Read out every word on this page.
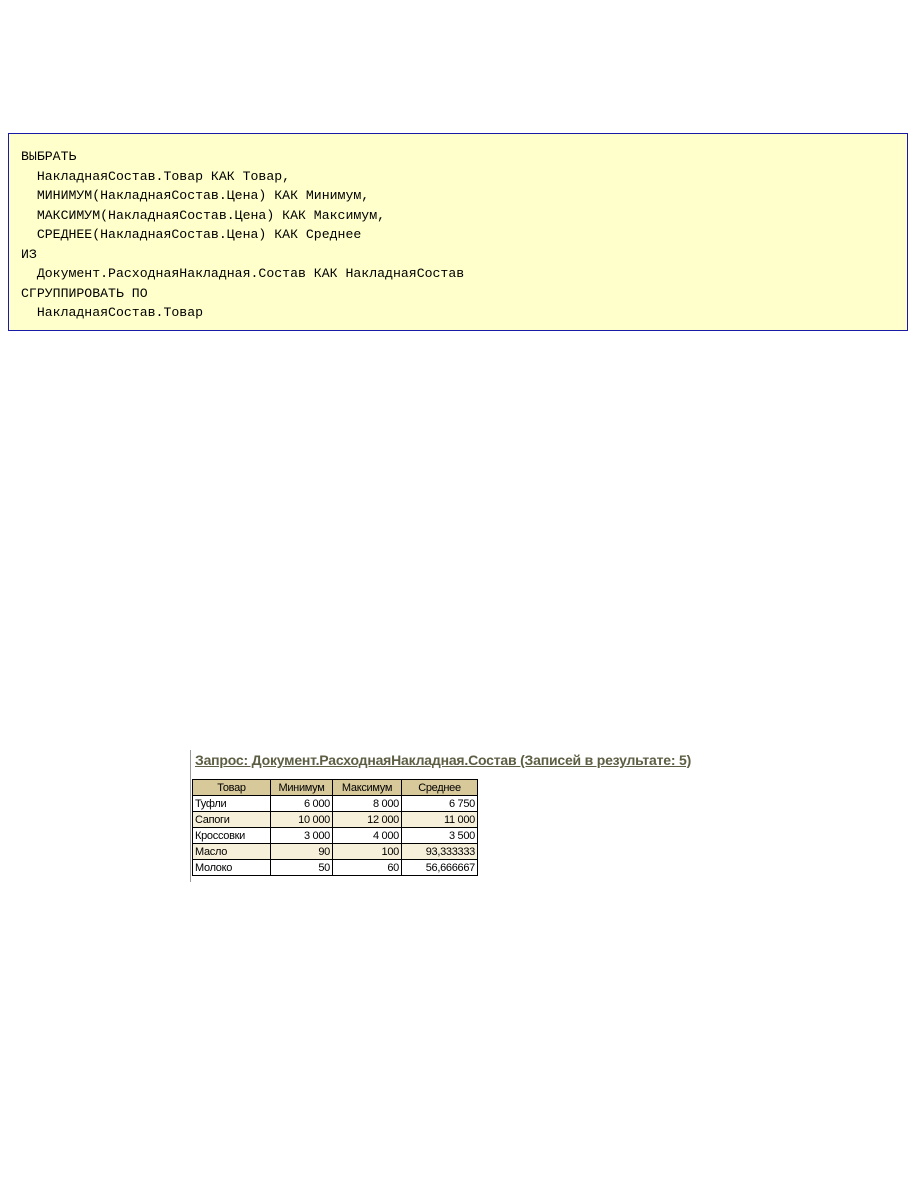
ВЫБРАТЬ
НакладнаяСостав.Товар КАК Товар,
МИНИМУМ(НакладнаяСостав.Цена) КАК Минимум,
МАКСИМУМ(НакладнаяСостав.Цена) КАК Максимум,
СРЕДНЕЕ(НакладнаяСостав.Цена) КАК Среднее
ИЗ
Документ.РасходнаяНакладная.Состав КАК НакладнаяСостав
СГРУППИРОВАТЬ ПО
НакладнаяСостав.Товар
Запрос: Документ.РасходнаяНакладная.Состав (Записей в результате: 5)
Товар	Минимум	Максимум	Среднее
Туфли	6 000	8 000	6 750
Сапоги	10 000	12 000	11 000
Кроссовки	3 000	4 000	3 500
Масло	90	100	93,333333
Молоко	50	60	56,666667
